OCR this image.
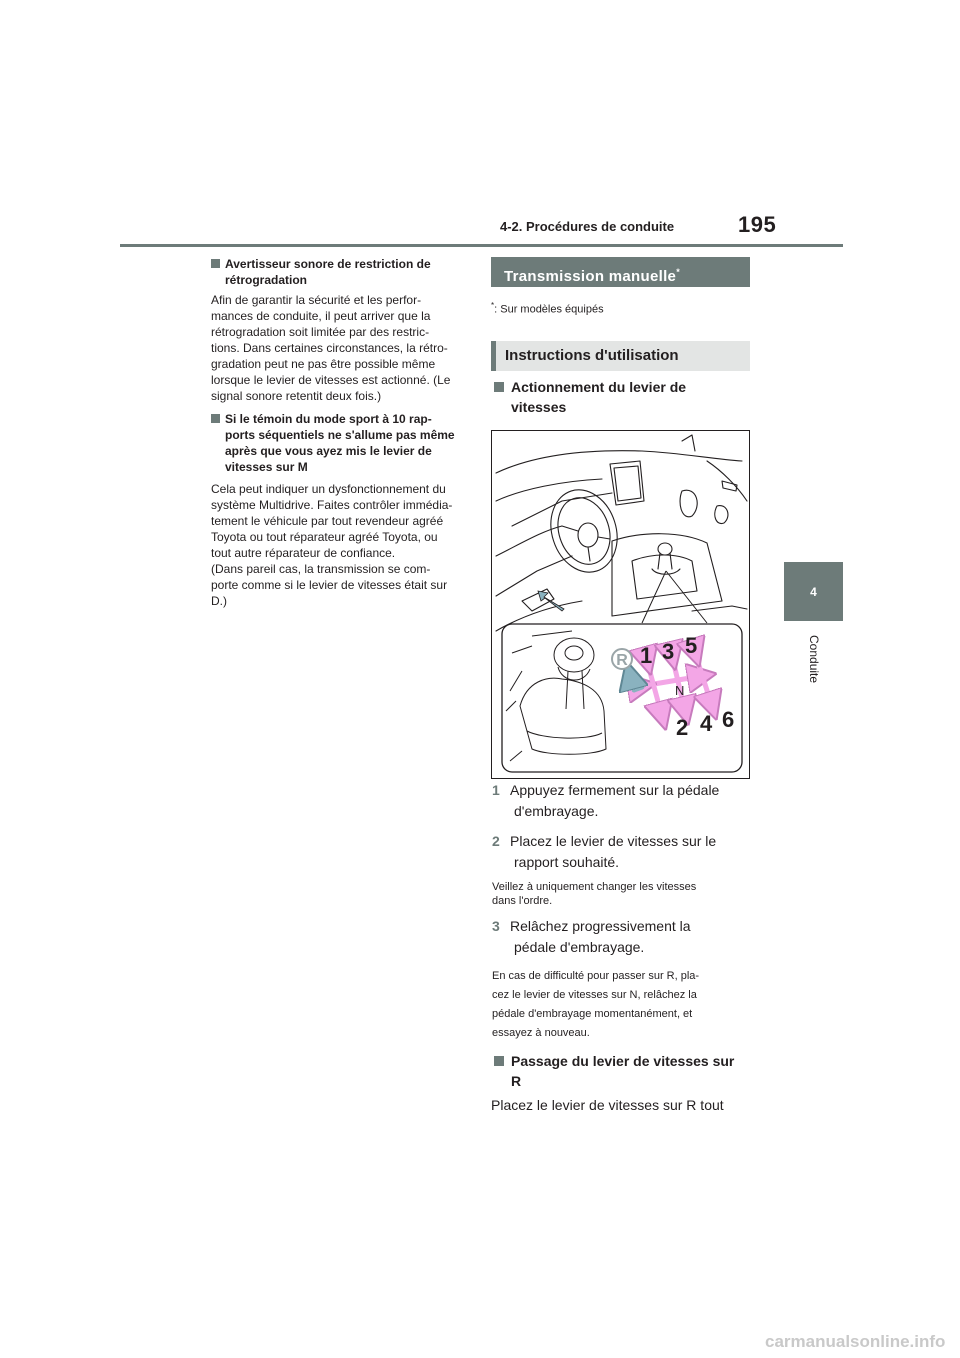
4-2. Procédures de conduite	195
4
Conduite
Avertisseur sonore de restriction de
rétrogradation
Afin de garantir la sécurité et les perfor-
mances de conduite, il peut arriver que la
rétrogradation soit limitée par des restric-
tions. Dans certaines circonstances, la rétro-
gradation peut ne pas être possible même
lorsque le levier de vitesses est actionné. (Le
signal sonore retentit deux fois.)
Si le témoin du mode sport à 10 rap-
ports séquentiels ne s'allume pas même
après que vous ayez mis le levier de
vitesses sur M
Cela peut indiquer un dysfonctionnement du
système Multidrive. Faites contrôler immédia-
tement le véhicule par tout revendeur agréé
Toyota ou tout réparateur agréé Toyota, ou
tout autre réparateur de confiance.
(Dans pareil cas, la transmission se com-
porte comme si le levier de vitesses était sur
D.)
Transmission manuelle*
*: Sur modèles équipés
Instructions d'utilisation
Actionnement du levier de
vitesses
R 1 3 5
2 4 6
N
1 Appuyez fermement sur la pédale
d'embrayage.
2 Placez le levier de vitesses sur le
rapport souhaité.
Veillez à uniquement changer les vitesses
dans l'ordre.
3 Relâchez progressivement la
pédale d'embrayage.
En cas de difficulté pour passer sur R, pla-
cez le levier de vitesses sur N, relâchez la
pédale d'embrayage momentanément, et
essayez à nouveau.
Passage du levier de vitesses sur
R
Placez le levier de vitesses sur R tout
carmanualsonline.info
